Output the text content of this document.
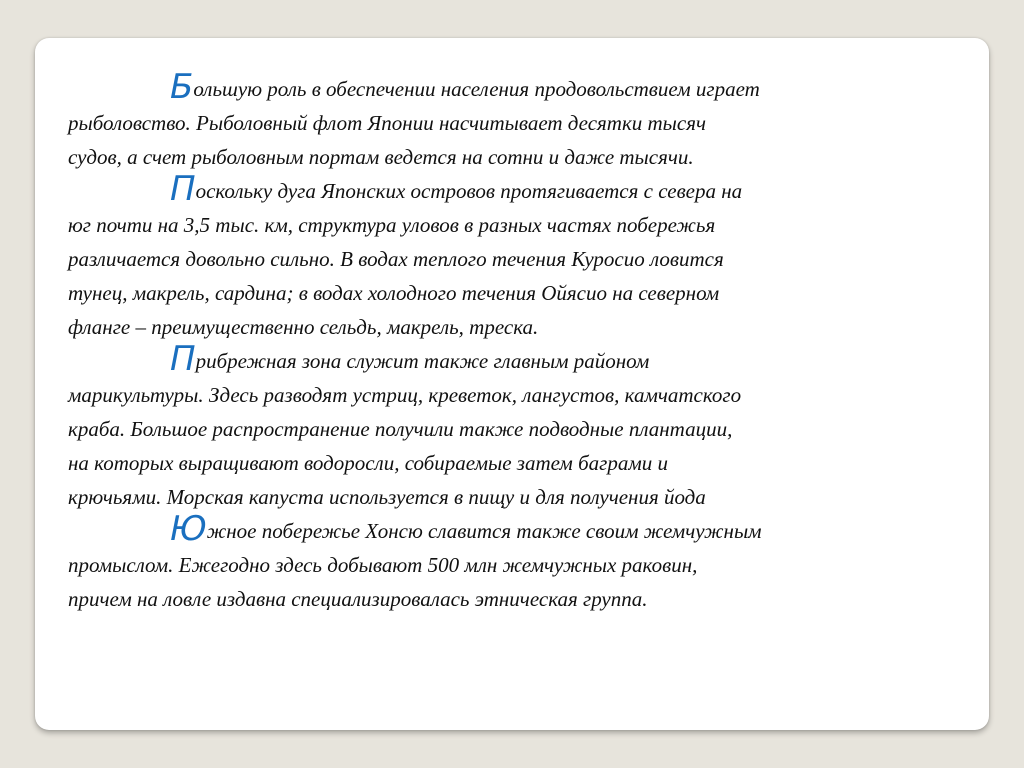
Большую роль в обеспечении населения продовольствием играет
рыболовство. Рыболовный флот Японии насчитывает десятки тысяч
судов, а счет рыболовным портам ведется на сотни и даже тысячи.

Поскольку дуга Японских островов протягивается с севера на
юг почти на 3,5 тыс. км, структура уловов в разных частях побережья
различается довольно сильно. В водах теплого течения Куросио ловится
тунец, макрель, сардина; в водах холодного течения Ойясио на северном
фланге – преимущественно сельдь, макрель, треска.

Прибрежная зона служит также главным районом
марикультуры. Здесь разводят устриц, креветок, лангустов, камчатского
краба. Большое распространение получили также подводные плантации,
на которых выращивают водоросли, собираемые затем баграми и
крючьями. Морская капуста используется в пищу и для получения йода

Южное побережье Хонсю славится также своим жемчужным
промыслом. Ежегодно здесь добывают 500 млн жемчужных раковин,
причем на ловле издавна специализировалась этническая группа.
